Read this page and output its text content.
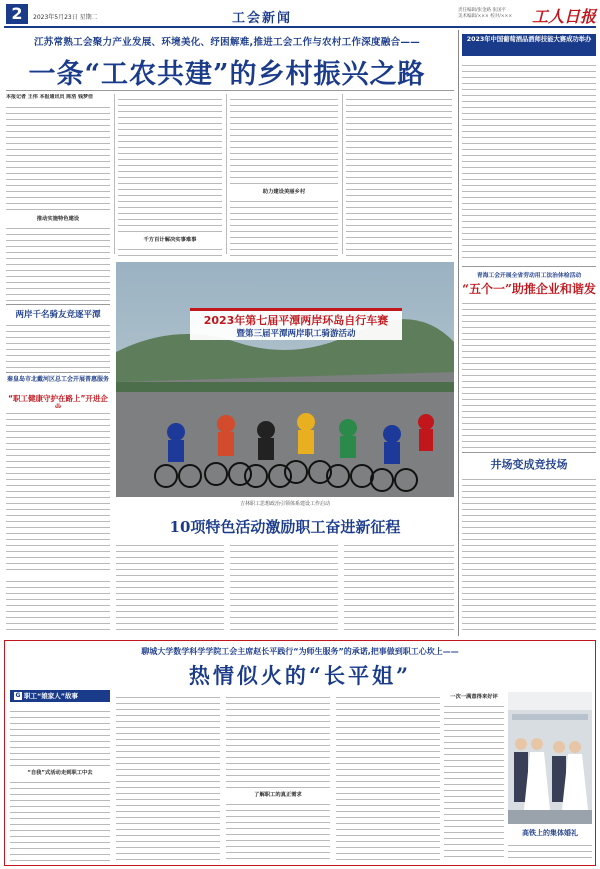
2	2023年5月23日 星期二	工会新闻
责任编辑/张金路 张国平
美术编辑/××× 校对/××× 工人日报
江苏常熟工会聚力产业发展、环境美化、纾困解难,推进工会工作与农村工作深度融合——
一条“工农共建”的乡村振兴之路
本报记者 王伟 本报通讯员 陈浩 钱梦佳
推动实施特色建设
千方百计解决实事难事
助力建设美丽乡村
两岸千名骑友竞逐平潭
秦皇岛市北戴河区总工会开展普惠服务
“职工健康守护在路上”开进企
2023年第七届平潭两岸环岛自行车赛
暨第三届平潭两岸职工骑游活动
吉林职工思想政治引领体系建设工作启动
10项特色活动激励职工奋进新征程
2023年中国葡萄酒品酒师技能大赛成功举办
青海工会开展全省劳动用工法治体检活动
“五个一”助推企业和谐发
井场变成竞技场
聊城大学数学科学学院工会主席赵长平践行“为师生服务”的承诺,把事做到职工心坎上——
热情似火的“长平姐”
G 职工“娘家人”故事
“自我”式活动走到职工中去
了解职工的真正需求
一次一满意得来好评
高铁上的集体婚礼
